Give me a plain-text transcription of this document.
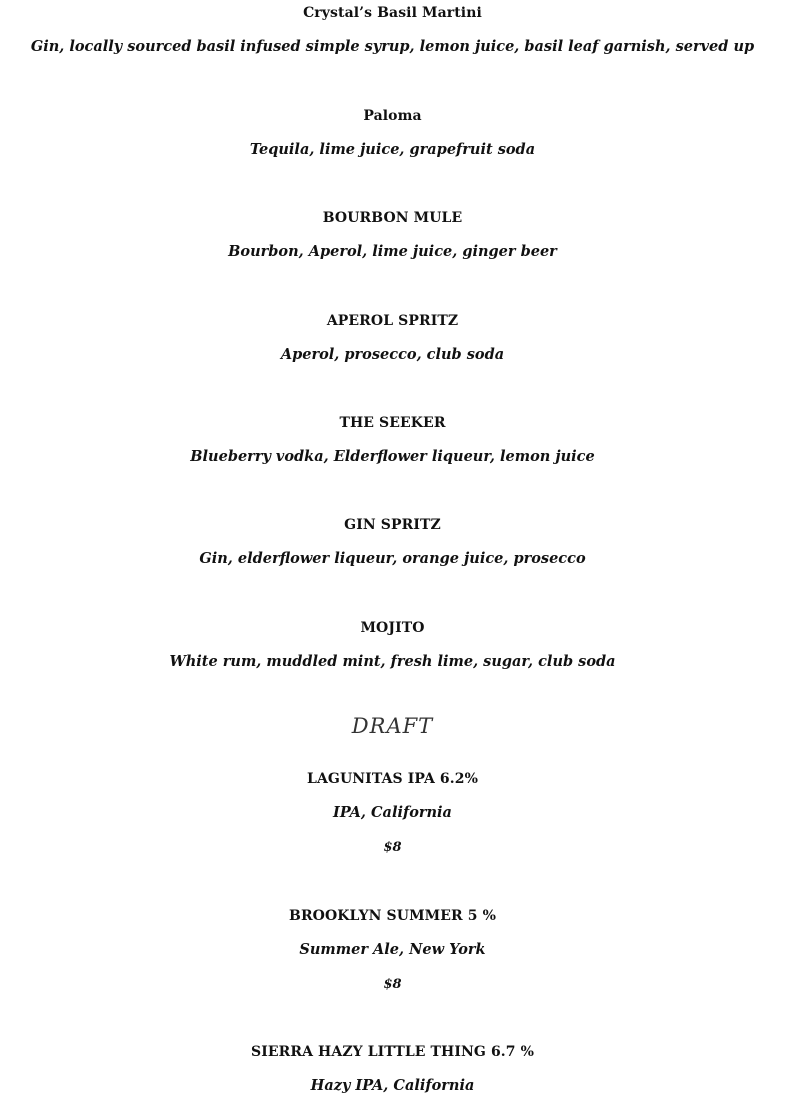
Crystal’s Basil Martini

Gin, locally sourced basil infused simple syrup, lemon juice, basil leaf garnish, served up

Paloma

Tequila, lime juice, grapefruit soda

BOURBON MULE

Bourbon, Aperol, lime juice, ginger beer

APEROL SPRITZ

Aperol, prosecco, club soda

THE SEEKER

Blueberry vodka, Elderflower liqueur, lemon juice

GIN SPRITZ

Gin, elderflower liqueur, orange juice, prosecco

MOJITO

White rum, muddled mint, fresh lime, sugar, club soda

DRAFT

LAGUNITAS IPA 6.2%

IPA, California

$8

BROOKLYN SUMMER 5 %

Summer Ale, New York

$8

SIERRA HAZY LITTLE THING 6.7 %

Hazy IPA, California
